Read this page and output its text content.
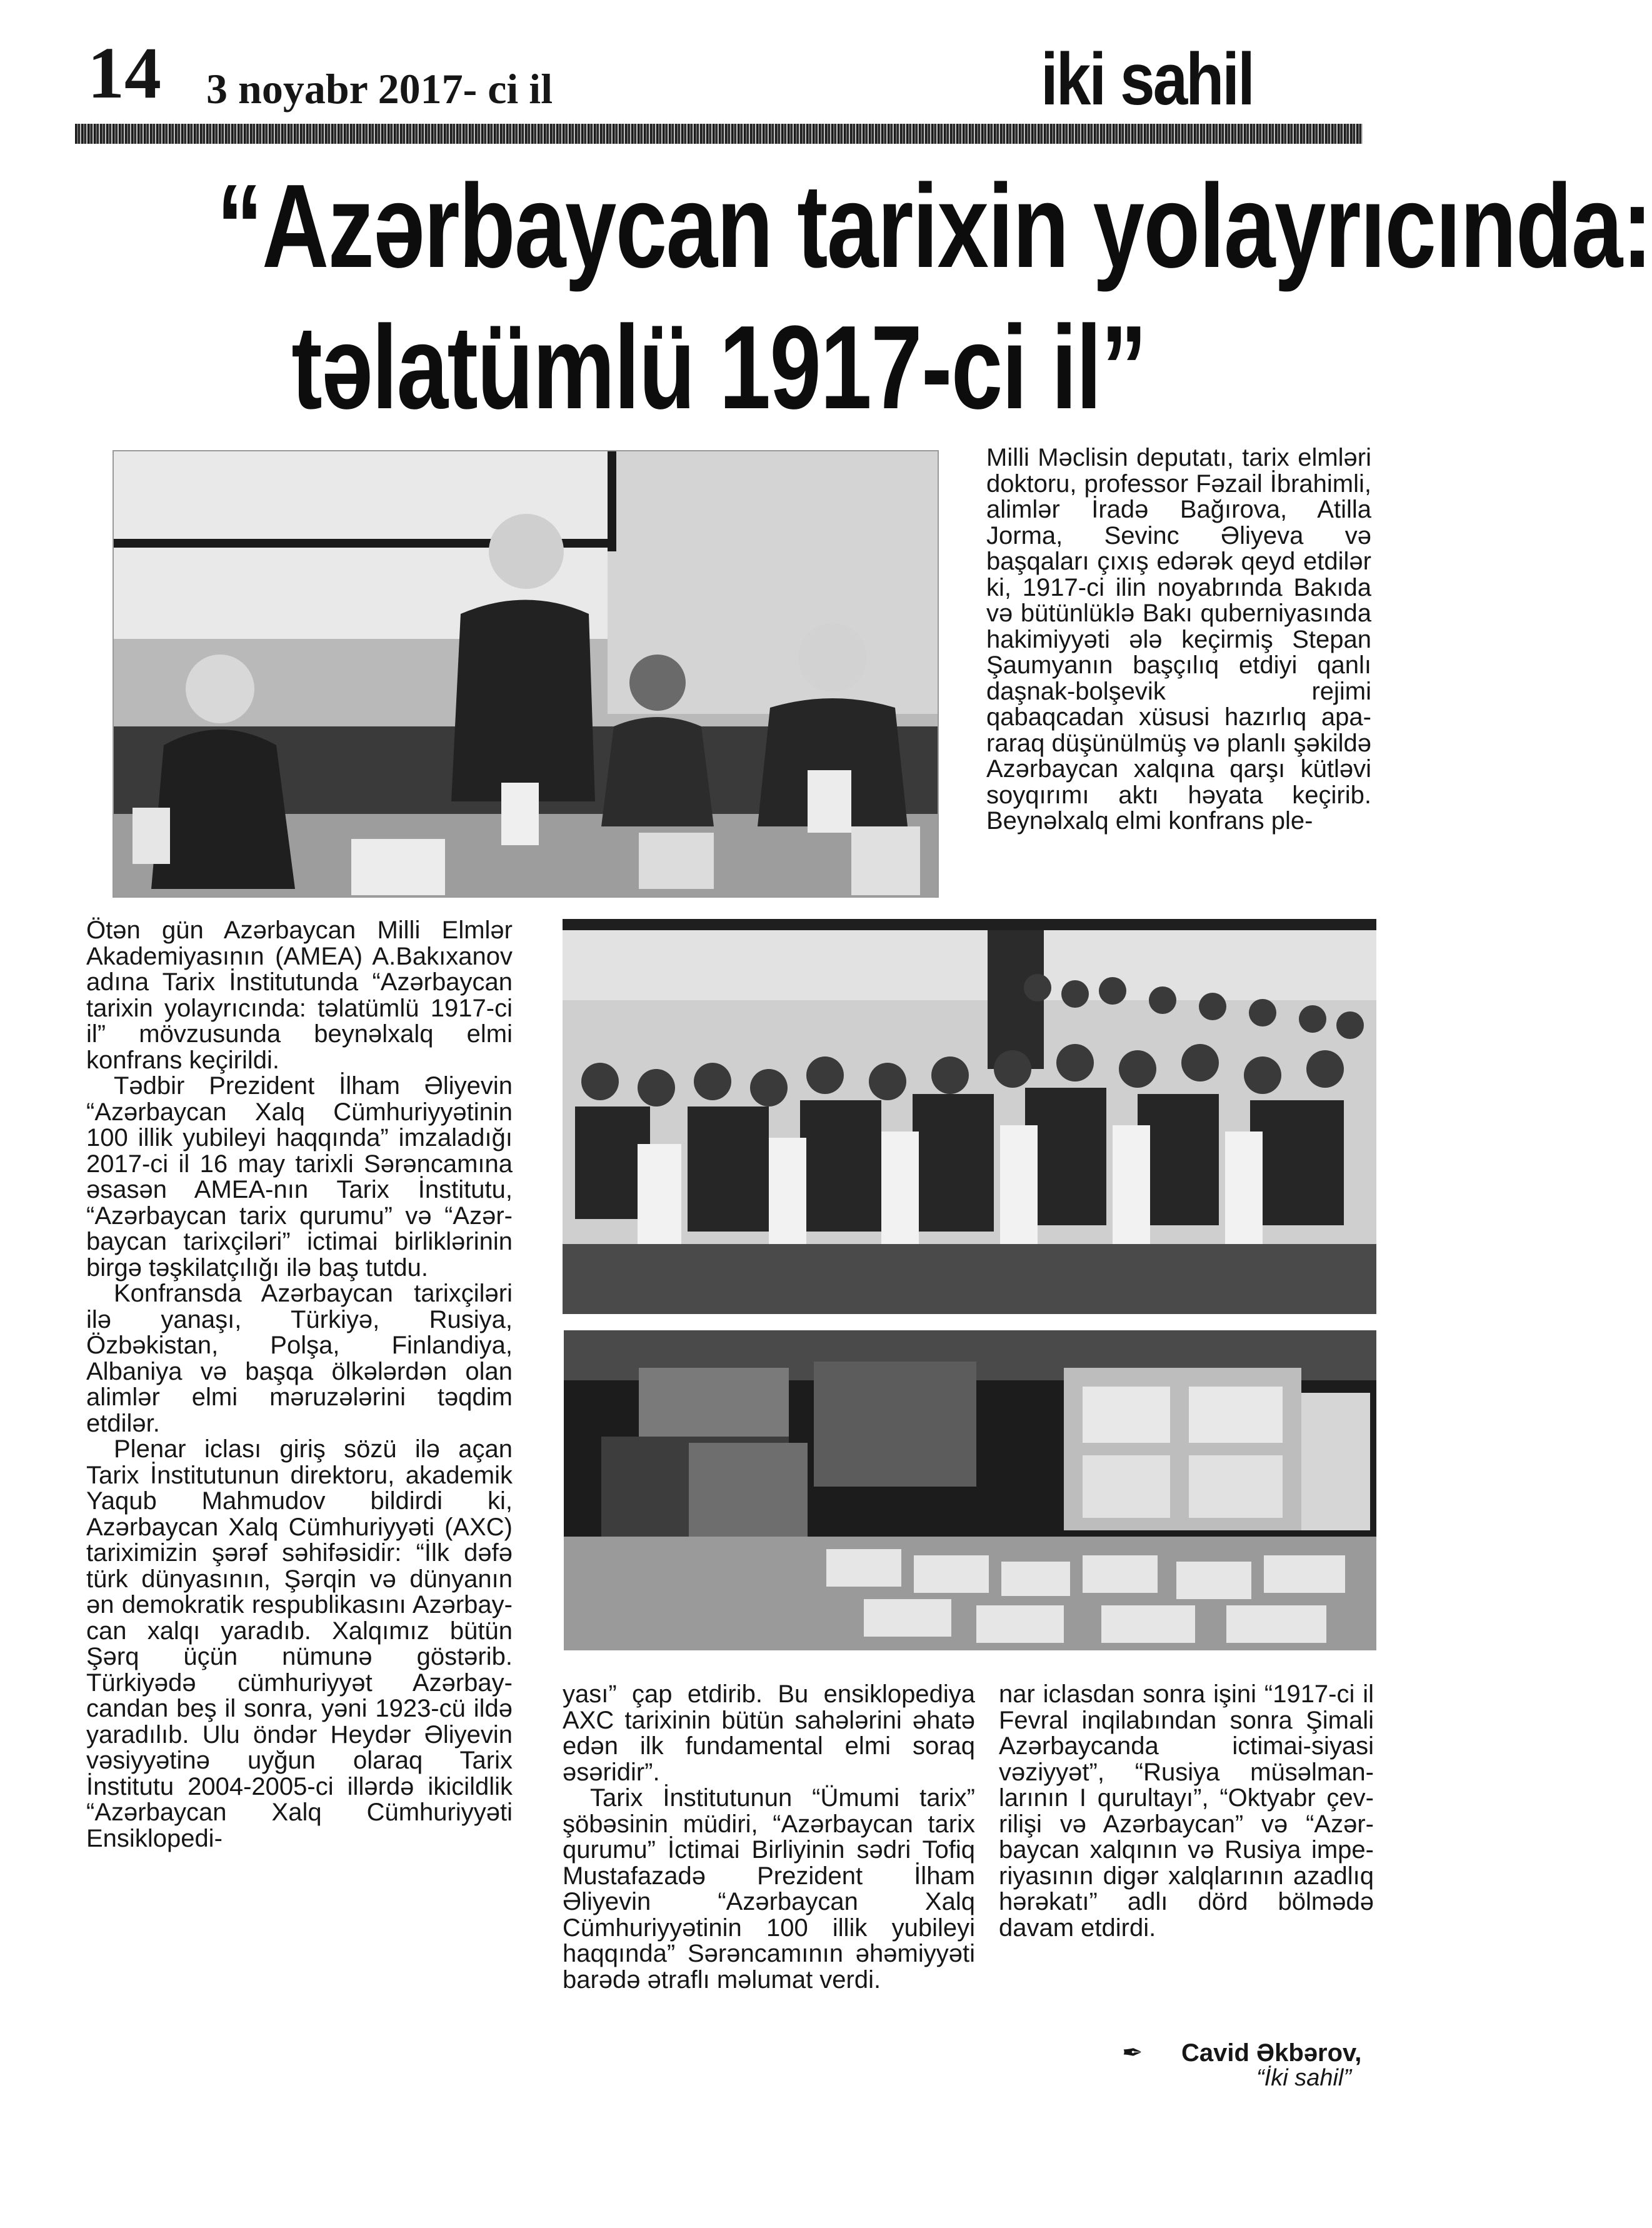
14 3 noyabr 2017- ci il	iki sahil
“Azərbaycan tarixin yolayrıcında:
təlatümlü 1917-ci il”
Milli Məclisin deputatı, tarix elmləri doktoru, professor Fəzail İbrahimli, alimlər İradə Bağırova, Atilla Jorma, Sevinc Əliyeva və başqaları çıxış edərək qeyd etdilər ki, 1917-ci ilin noyabrında Bakıda və bütünlüklə Bakı quberniyasında hakimiyyəti ələ keçirmiş Stepan Şaumyanın başçılıq etdiyi qanlı daşnak-bolşevik rejimi qabaqcadan xüsusi hazırlıq apararaq düşünülmüş və planlı şəkildə Azərbaycan xalqına qarşı kütləvi soyqırımı aktı həyata keçirib. Beynəlxalq elmi konfrans ple-

Ötən gün Azərbaycan Milli Elmlər Akademiyasının (AMEA) A.Bakıxanov adına Tarix İnstitutunda “Azərbaycan tarixin yolayrıcında: təlatümlü 1917-ci il” mövzusunda beynəlxalq elmi konfrans keçirildi.

Tədbir Prezident İlham Əliyevin “Azərbaycan Xalq Cümhuriyyətinin 100 illik yubileyi haqqında” imzaladığı 2017-ci il 16 may tarixli Sərəncamına əsasən AMEA-nın Tarix İnstitutu, “Azərbaycan tarix qurumu” və “Azərbaycan tarixçiləri” ictimai birliklərinin birgə təşkilatçılığı ilə baş tutdu.

Konfransda Azərbaycan tarixçiləri ilə yanaşı, Türkiyə, Rusiya, Özbəkistan, Polşa, Finlandiya, Albaniya və başqa ölkələrdən olan alimlər elmi məruzələrini təqdim etdilər.

Plenar iclası giriş sözü ilə açan Tarix İnstitutunun direktoru, akademik Yaqub Mahmudov bildirdi ki, Azərbaycan Xalq Cümhuriyyəti (AXC) tariximizin şərəf səhifəsidir: “İlk dəfə türk dünyasının, Şərqin və dünyanın ən demokratik respublikasını Azərbaycan xalqı yaradıb. Xalqımız bütün Şərq üçün nümunə göstərib. Türkiyədə cümhuriyyət Azərbaycandan beş il sonra, yəni 1923-cü ildə yaradılıb. Ulu öndər Heydər Əliyevin vəsiyyətinə uyğun olaraq Tarix İnstitutu 2004-2005-ci illərdə ikicildlik “Azərbaycan Xalq Cümhuriyyəti Ensiklopedi-

yası” çap etdirib. Bu ensiklopediya AXC tarixinin bütün sahələrini əhatə edən ilk fundamental elmi soraq əsəridir”.

Tarix İnstitutunun “Ümumi tarix” şöbəsinin müdiri, “Azərbaycan tarix qurumu” İctimai Birliyinin sədri Tofiq Mustafazadə Prezident İlham Əliyevin “Azərbaycan Xalq Cümhuriyyətinin 100 illik yubileyi haqqında” Sərəncamının əhəmiyyəti barədə ətraflı məlumat verdi.

nar iclasdan sonra işini “1917-ci il Fevral inqilabından sonra Şimali Azərbaycanda ictimai-siyasi vəziyyət”, “Rusiya müsəlmanlarının I qurultayı”, “Oktyabr çevrilişi və Azərbaycan” və “Azərbaycan xalqının və Rusiya imperiyasının digər xalqlarının azadlıq hərəkatı” adlı dörd bölmədə davam etdirdi.

✒ Cavid Əkbərov,
“İki sahil”
